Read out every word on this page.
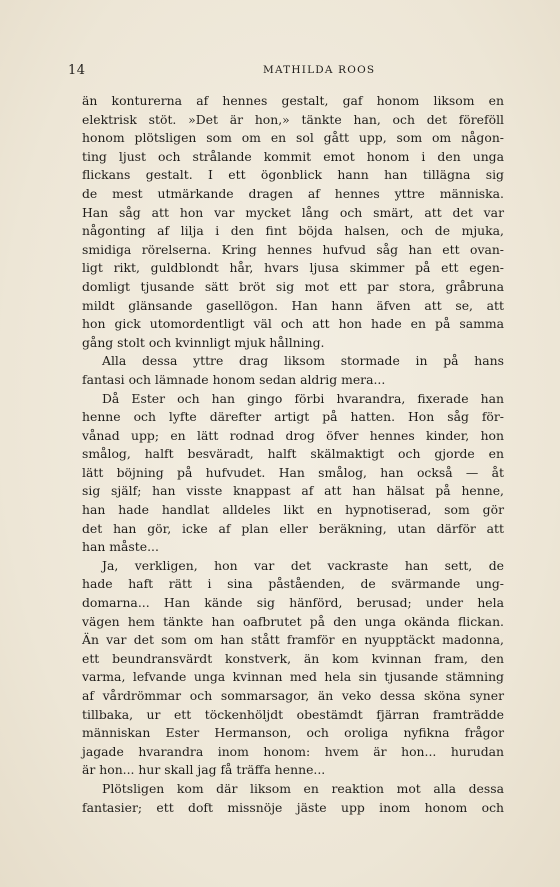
14	MATHILDA ROOS
än konturerna af hennes gestalt, gaf honom liksom en
elektrisk stöt. »Det är hon,» tänkte han, och det föreföll
honom plötsligen som om en sol gått upp, som om någon-
ting ljust och strålande kommit emot honom i den unga
flickans gestalt. I ett ögonblick hann han tillägna sig
de mest utmärkande dragen af hennes yttre människa.
Han såg att hon var mycket lång och smärt, att det var
någonting af lilja i den fint böjda halsen, och de mjuka,
smidiga rörelserna. Kring hennes hufvud såg han ett ovan-
ligt rikt, guldblondt hår, hvars ljusa skimmer på ett egen-
domligt tjusande sätt bröt sig mot ett par stora, gråbruna
mildt glänsande gasellögon. Han hann äfven att se, att
hon gick utomordentligt väl och att hon hade en på samma
gång stolt och kvinnligt mjuk hållning.
Alla dessa yttre drag liksom stormade in på hans
fantasi och lämnade honom sedan aldrig mera...
Då Ester och han gingo förbi hvarandra, fixerade han
henne och lyfte därefter artigt på hatten. Hon såg för-
vånad upp; en lätt rodnad drog öfver hennes kinder, hon
smålog, halft besväradt, halft skälmaktigt och gjorde en
lätt böjning på hufvudet. Han smålog, han också — åt
sig själf; han visste knappast af att han hälsat på henne,
han hade handlat alldeles likt en hypnotiserad, som gör
det han gör, icke af plan eller beräkning, utan därför att
han måste...
Ja, verkligen, hon var det vackraste han sett, de
hade haft rätt i sina påståenden, de svärmande ung-
domarna... Han kände sig hänförd, berusad; under hela
vägen hem tänkte han oafbrutet på den unga okända flickan.
Än var det som om han stått framför en nyupptäckt madonna,
ett beundransvärdt konstverk, än kom kvinnan fram, den
varma, lefvande unga kvinnan med hela sin tjusande stämning
af vårdrömmar och sommarsagor, än veko dessa sköna syner
tillbaka, ur ett töckenhöljdt obestämdt fjärran framträdde
människan Ester Hermanson, och oroliga nyfikna frågor
jagade hvarandra inom honom: hvem är hon... hurudan
är hon... hur skall jag få träffa henne...
Plötsligen kom där liksom en reaktion mot alla dessa
fantasier; ett doft missnöje jäste upp inom honom och
